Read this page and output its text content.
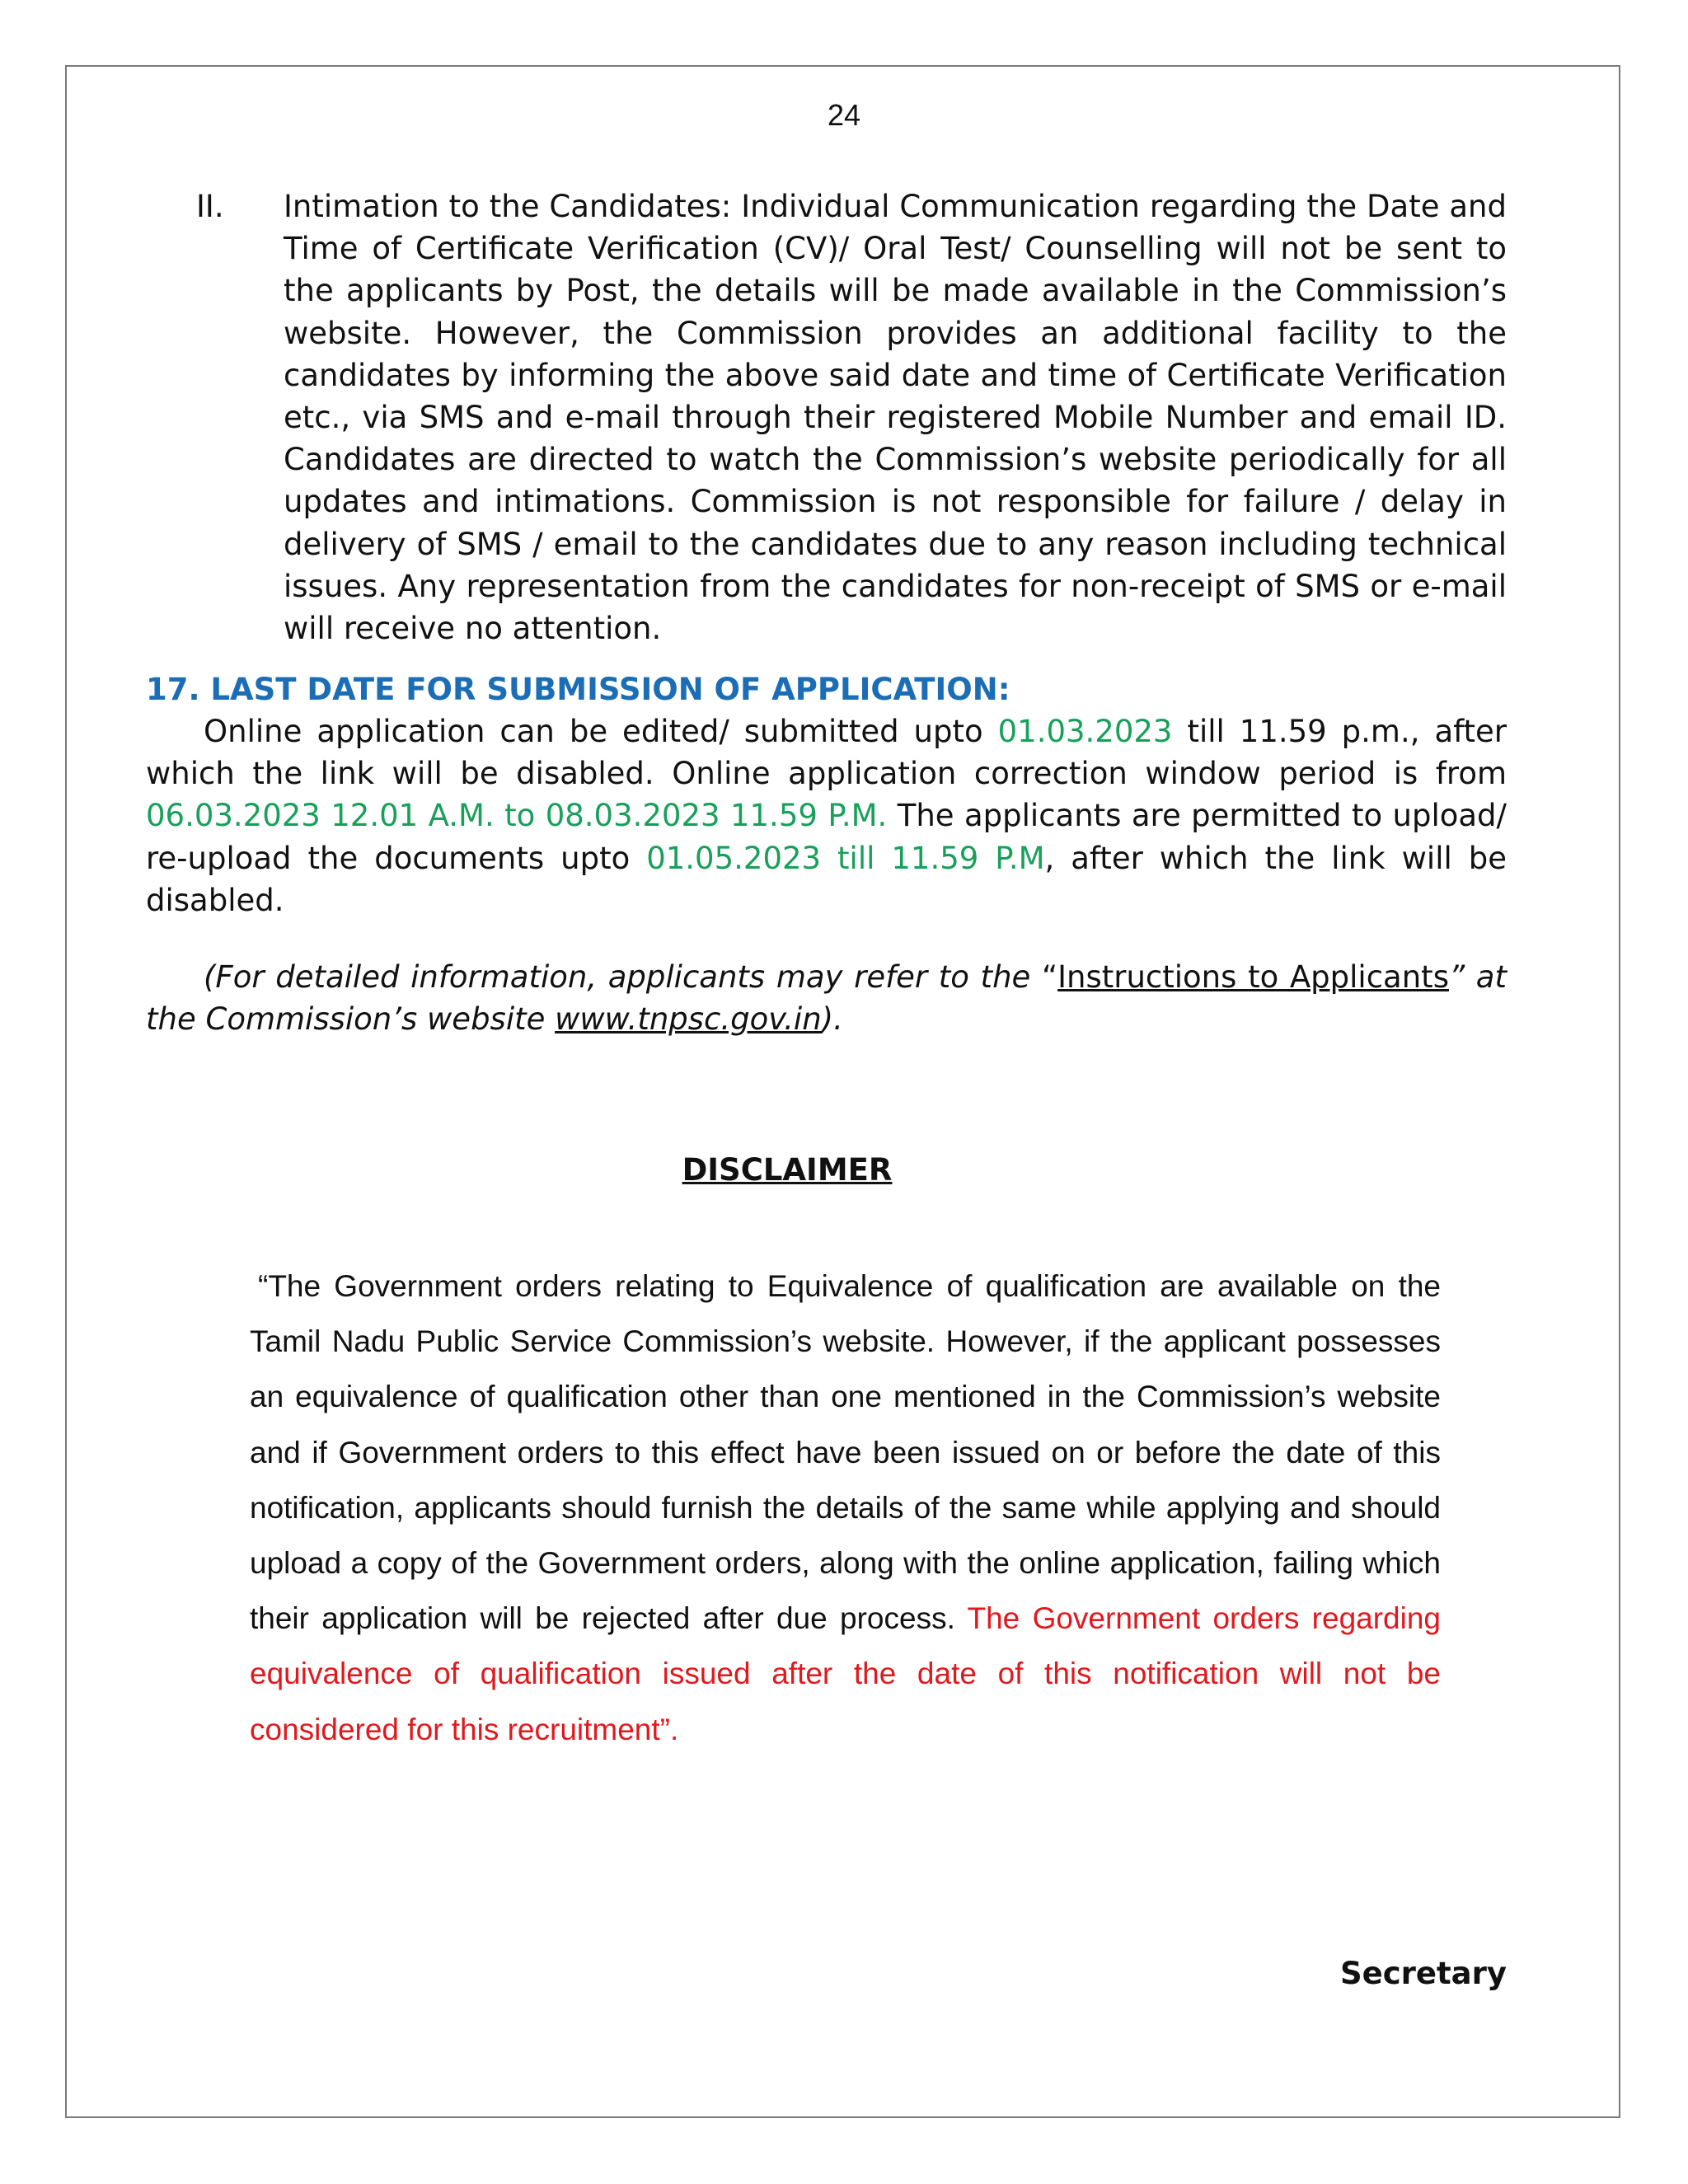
24
II. Intimation to the Candidates: Individual Communication regarding the Date and Time of Certificate Verification (CV)/ Oral Test/ Counselling will not be sent to the applicants by Post, the details will be made available in the Commission’s website. However, the Commission provides an additional facility to the candidates by informing the above said date and time of Certificate Verification etc., via SMS and e-mail through their registered Mobile Number and email ID. Candidates are directed to watch the Commission’s website periodically for all updates and intimations. Commission is not responsible for failure / delay in delivery of SMS / email to the candidates due to any reason including technical issues. Any representation from the candidates for non-receipt of SMS or e-mail will receive no attention.
17. LAST DATE FOR SUBMISSION OF APPLICATION:

Online application can be edited/ submitted upto 01.03.2023 till 11.59 p.m., after which the link will be disabled. Online application correction window period is from 06.03.2023 12.01 A.M. to 08.03.2023 11.59 P.M. The applicants are permitted to upload/ re-upload the documents upto 01.05.2023 till 11.59 P.M, after which the link will be disabled.

(For detailed information, applicants may refer to the “Instructions to Applicants” at the Commission’s website www.tnpsc.gov.in).

DISCLAIMER

“The Government orders relating to Equivalence of qualification are available on the Tamil Nadu Public Service Commission’s website. However, if the applicant possesses an equivalence of qualification other than one mentioned in the Commission’s website and if Government orders to this effect have been issued on or before the date of this notification, applicants should furnish the details of the same while applying and should upload a copy of the Government orders, along with the online application, failing which their application will be rejected after due process. The Government orders regarding equivalence of qualification issued after the date of this notification will not be considered for this recruitment”.

Secretary
